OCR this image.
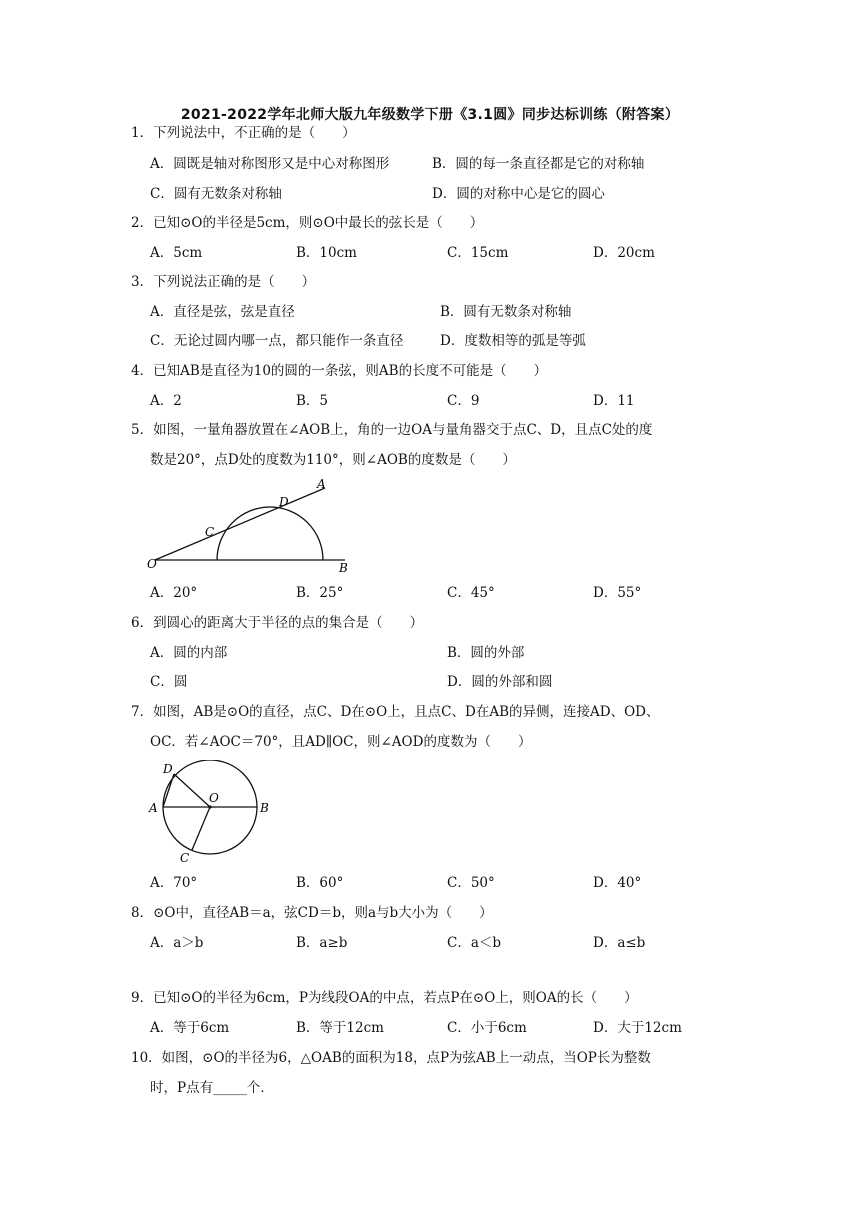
2021-2022学年北师大版九年级数学下册《3.1圆》同步达标训练（附答案）
1．下列说法中，不正确的是（　　）
A．圆既是轴对称图形又是中心对称图形	B．圆的每一条直径都是它的对称轴
C．圆有无数条对称轴	D．圆的对称中心是它的圆心
2．已知⊙O的半径是5cm，则⊙O中最长的弦长是（　　）
A．5cm	B．10cm	C．15cm	D．20cm
3．下列说法正确的是（　　）
A．直径是弦，弦是直径	B．圆有无数条对称轴
C．无论过圆内哪一点，都只能作一条直径	D．度数相等的弧是等弧
4．已知AB是直径为10的圆的一条弦，则AB的长度不可能是（　　）
A．2	B．5	C．9	D．11
5．如图，一量角器放置在∠AOB上，角的一边OA与量角器交于点C、D，且点C处的度
数是20°，点D处的度数为110°，则∠AOB的度数是（　　）
O
C
D
A
B
A．20°	B．25°	C．45°	D．55°
6．到圆心的距离大于半径的点的集合是（　　）
A．圆的内部	B．圆的外部
C．圆	D．圆的外部和圆
7．如图，AB是⊙O的直径，点C、D在⊙O上，且点C、D在AB的异侧，连接AD、OD、
OC．若∠AOC＝70°，且AD∥OC，则∠AOD的度数为（　　）
D
O
A	B
C
A．70°	B．60°	C．50°	D．40°
8．⊙O中，直径AB＝a，弦CD＝b，则a与b大小为（　　）
A．a＞b	B．a≥b	C．a＜b	D．a≤b
9．已知⊙O的半径为6cm，P为线段OA的中点，若点P在⊙O上，则OA的长（　　）
A．等于6cm	B．等于12cm	C．小于6cm	D．大于12cm
10．如图，⊙O的半径为6，△OAB的面积为18，点P为弦AB上一动点，当OP长为整数
时，P点有_____个．
